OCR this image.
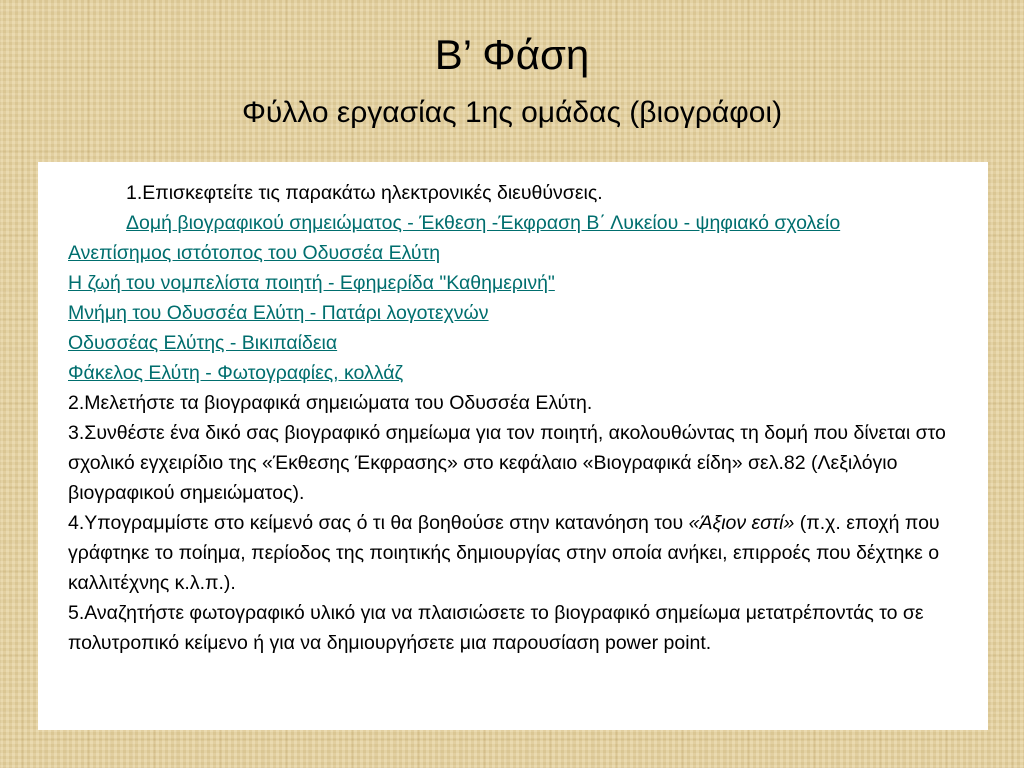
Β’ Φάση
Φύλλο εργασίας 1ης ομάδας (βιογράφοι)

1.Επισκεφτείτε τις παρακάτω ηλεκτρονικές διευθύνσεις.

Δομή βιογραφικού σημειώματος - Έκθεση -Έκφραση Β΄ Λυκείου - ψηφιακό σχολείο

Ανεπίσημος ιστότοπος του Οδυσσέα Ελύτη
Η ζωή του νομπελίστα ποιητή - Εφημερίδα "Καθημερινή"
Μνήμη του Οδυσσέα Ελύτη - Πατάρι λογοτεχνών
Οδυσσέας Ελύτης - Βικιπαίδεια
Φάκελος Ελύτη - Φωτογραφίες, κολλάζ

2.Μελετήστε τα βιογραφικά σημειώματα του Οδυσσέα Ελύτη.

3.Συνθέστε ένα δικό σας βιογραφικό σημείωμα για τον ποιητή, ακολουθώντας τη δομή που δίνεται στο σχολικό εγχειρίδιο της «Έκθεσης Έκφρασης» στο κεφάλαιο «Βιογραφικά είδη» σελ.82 (Λεξιλόγιο βιογραφικού σημειώματος).

4.Υπογραμμίστε στο κείμενό σας ό τι θα βοηθούσε στην κατανόηση του «Άξιον εστί» (π.χ. εποχή που γράφτηκε το ποίημα, περίοδος της ποιητικής δημιουργίας στην οποία ανήκει, επιρροές που δέχτηκε ο καλλιτέχνης κ.λ.π.).

5.Αναζητήστε φωτογραφικό υλικό για να πλαισιώσετε το βιογραφικό σημείωμα μετατρέποντάς το σε πολυτροπικό κείμενο ή για να δημιουργήσετε μια παρουσίαση power point.
